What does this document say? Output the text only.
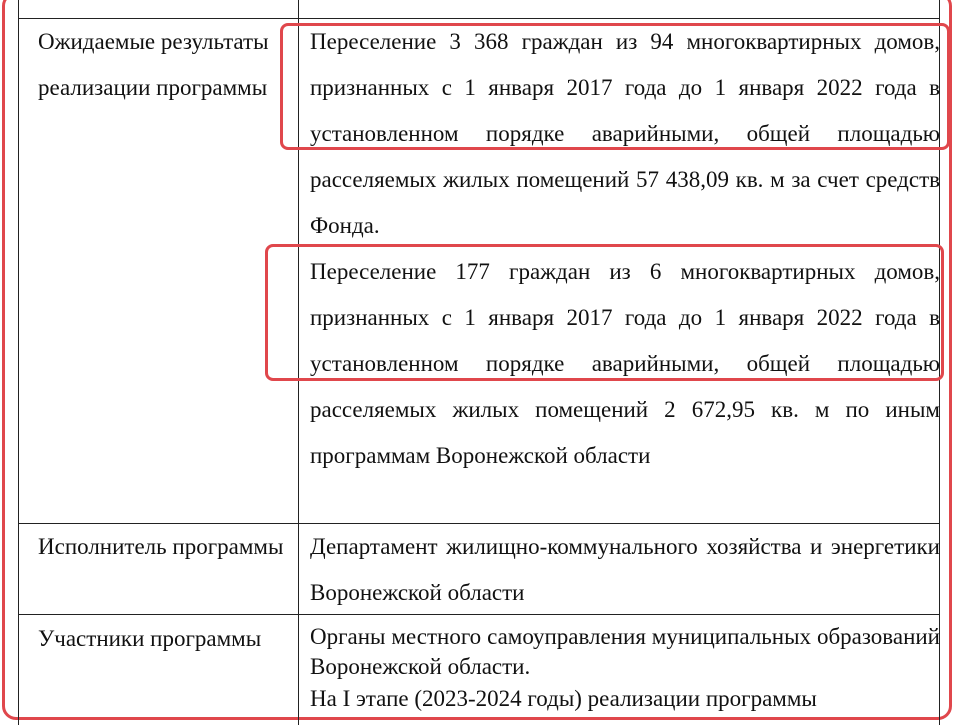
Ожидаемые результаты реализации программы

Переселение 3 368 граждан из 94 многоквартирных домов, признанных с 1 января 2017 года до 1 января 2022 года в установленном порядке аварийными, общей площадью расселяемых жилых помещений 57 438,09 кв. м за счет средств Фонда.

Переселение 177 граждан из 6 многоквартирных домов, признанных с 1 января 2017 года до 1 января 2022 года в установленном порядке аварийными, общей площадью расселяемых жилых помещений 2 672,95 кв. м по иным программам Воронежской области

Исполнитель программы	Департамент жилищно-коммунального хозяйства и энергетики Воронежской области

Участники программы	Органы местного самоуправления муниципальных образований Воронежской области.

На I этапе (2023-2024 годы) реализации программы
